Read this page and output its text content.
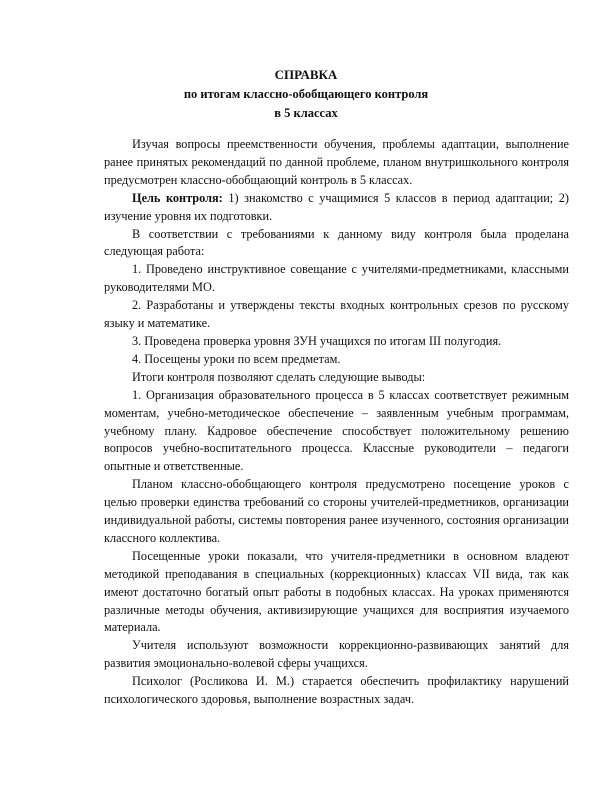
СПРАВКА
по итогам классно-обобщающего контроля
в 5 классах

Изучая вопросы преемственности обучения, проблемы адаптации, выполнение ранее принятых рекомендаций по данной проблеме, планом внутришкольного контроля предусмотрен классно-обобщающий контроль в 5 классах.

Цель контроля: 1) знакомство с учащимися 5 классов в период адаптации; 2) изучение уровня их подготовки.

В соответствии с требованиями к данному виду контроля была проделана следующая работа:

1. Проведено инструктивное совещание с учителями-предметниками, классными руководителями МО.

2. Разработаны и утверждены тексты входных контрольных срезов по русскому языку и математике.

3. Проведена проверка уровня ЗУН учащихся по итогам III полугодия.

4. Посещены уроки по всем предметам.

Итоги контроля позволяют сделать следующие выводы:

1. Организация образовательного процесса в 5 классах соответствует режимным моментам, учебно-методическое обеспечение – заявленным учебным программам, учебному плану. Кадровое обеспечение способствует положительному решению вопросов учебно-воспитательного процесса. Классные руководители – педагоги опытные и ответственные.

Планом классно-обобщающего контроля предусмотрено посещение уроков с целью проверки единства требований со стороны учителей-предметников, организации индивидуальной работы, системы повторения ранее изученного, состояния организации классного коллектива.

Посещенные уроки показали, что учителя-предметники в основном владеют методикой преподавания в специальных (коррекционных) классах VII вида, так как имеют достаточно богатый опыт работы в подобных классах. На уроках применяются различные методы обучения, активизирующие учащихся для восприятия изучаемого материала.

Учителя используют возможности коррекционно-развивающих занятий для развития эмоционально-волевой сферы учащихся.

Психолог (Росликова И. М.) старается обеспечить профилактику нарушений психологического здоровья, выполнение возрастных задач.
